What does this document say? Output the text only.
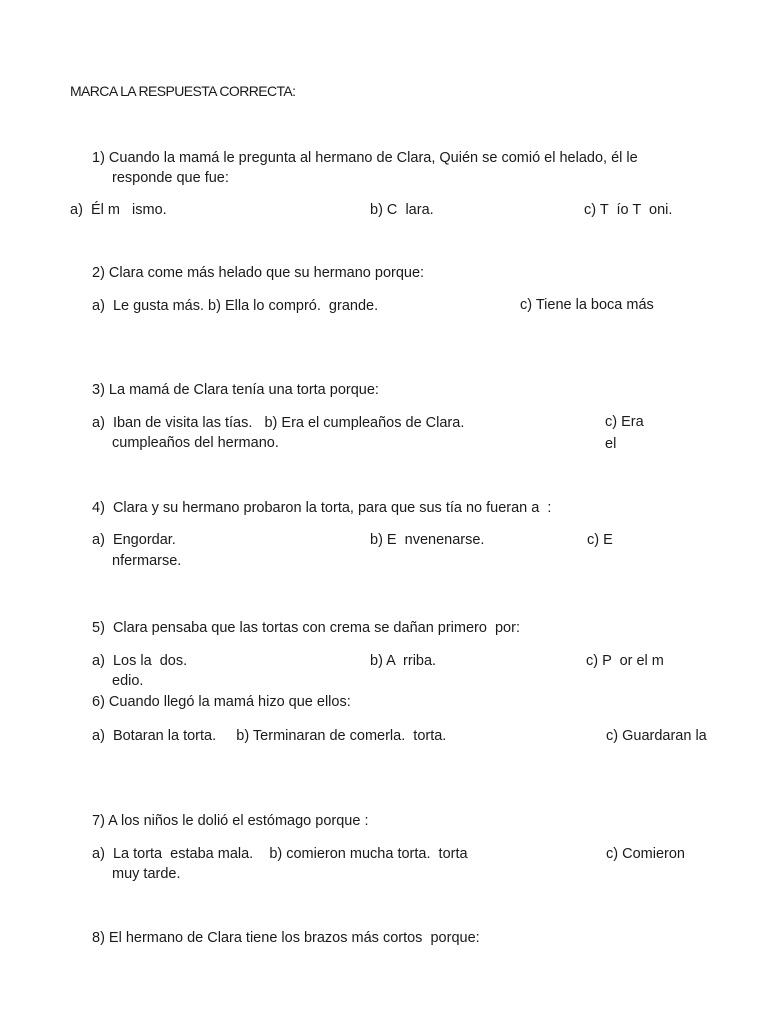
MARCA LA RESPUESTA CORRECTA:
1) Cuando la mamá le pregunta al hermano de Clara, Quién se comió el helado, él le
responde que fue:
a)  Él m   ismo.	b) C  lara.	c) T  ío T  oni.
2) Clara come más helado que su hermano porque:
a)  Le gusta más. b) Ella lo compró.  grande.	c) Tiene la boca más
3) La mamá de Clara tenía una torta porque:
a)  Iban de visita las tías.   b) Era el cumpleaños de Clara.
cumpleaños del hermano.
c) Era
el
4)  Clara y su hermano probaron la torta, para que sus tía no fueran a  :
a)  Engordar.	b) E  nvenenarse.	c) E
nfermarse.
5)  Clara pensaba que las tortas con crema se dañan primero  por:
a)  Los la  dos.	b) A  rriba.	c) P  or el m
edio.
6) Cuando llegó la mamá hizo que ellos:
a)  Botaran la torta.     b) Terminaran de comerla.  torta.	c) Guardaran la
7) A los niños le dolió el estómago porque :
a)  La torta  estaba mala.    b) comieron mucha torta.  torta
muy tarde.
c) Comieron
8) El hermano de Clara tiene los brazos más cortos  porque:
